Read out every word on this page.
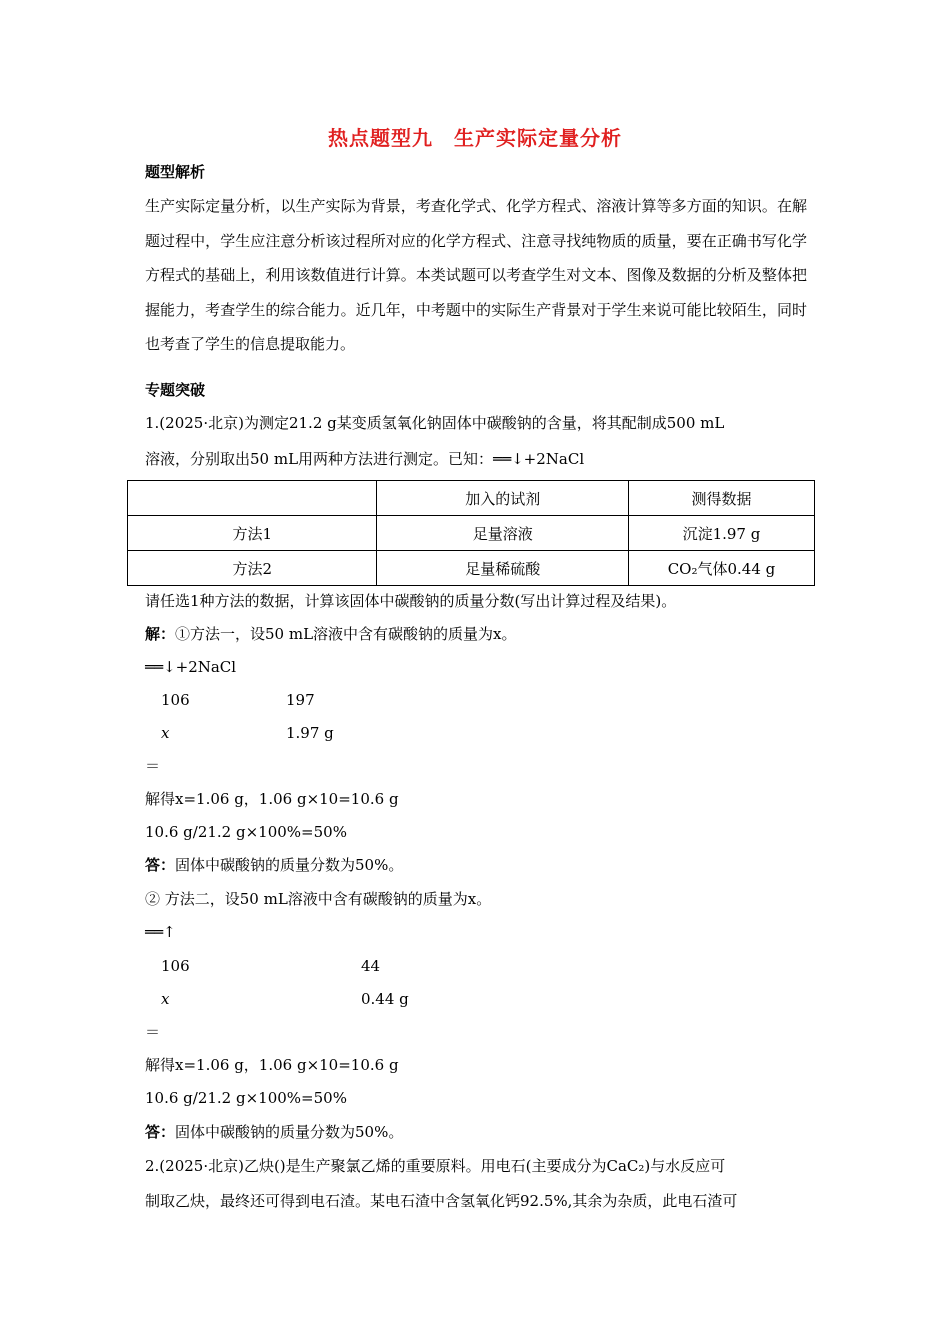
热点题型九　生产实际定量分析
题型解析
生产实际定量分析，以生产实际为背景，考查化学式、化学方程式、溶液计算等多方面的知识。在解题过程中，学生应注意分析该过程所对应的化学方程式、注意寻找纯物质的质量，要在正确书写化学方程式的基础上，利用该数值进行计算。本类试题可以考查学生对文本、图像及数据的分析及整体把握能力，考查学生的综合能力。近几年，中考题中的实际生产背景对于学生来说可能比较陌生，同时也考查了学生的信息提取能力。
专题突破
1.(2025·北京)为测定21.2 g某变质氢氧化钠固体中碳酸钠的含量，将其配制成500 mL
溶液，分别取出50 mL用两种方法进行测定。已知：══↓+2NaCl
	加入的试剂	测得数据
方法1	足量溶液	沉淀1.97 g
方法2	足量稀硫酸	CO₂气体0.44 g
请任选1种方法的数据，计算该固体中碳酸钠的质量分数(写出计算过程及结果)。
解：①方法一，设50 mL溶液中含有碳酸钠的质量为x。
══↓+2NaCl
106	197
x	1.97 g
＝
解得x=1.06 g，1.06 g×10=10.6 g
10.6 g/21.2 g×100%=50%
答：固体中碳酸钠的质量分数为50%。
② 方法二，设50 mL溶液中含有碳酸钠的质量为x。
══↑
106	44
x	0.44 g
＝
解得x=1.06 g，1.06 g×10=10.6 g
10.6 g/21.2 g×100%=50%
答：固体中碳酸钠的质量分数为50%。
2.(2025·北京)乙炔()是生产聚氯乙烯的重要原料。用电石(主要成分为CaC₂)与水反应可
制取乙炔，最终还可得到电石渣。某电石渣中含氢氧化钙92.5%,其余为杂质，此电石渣可
